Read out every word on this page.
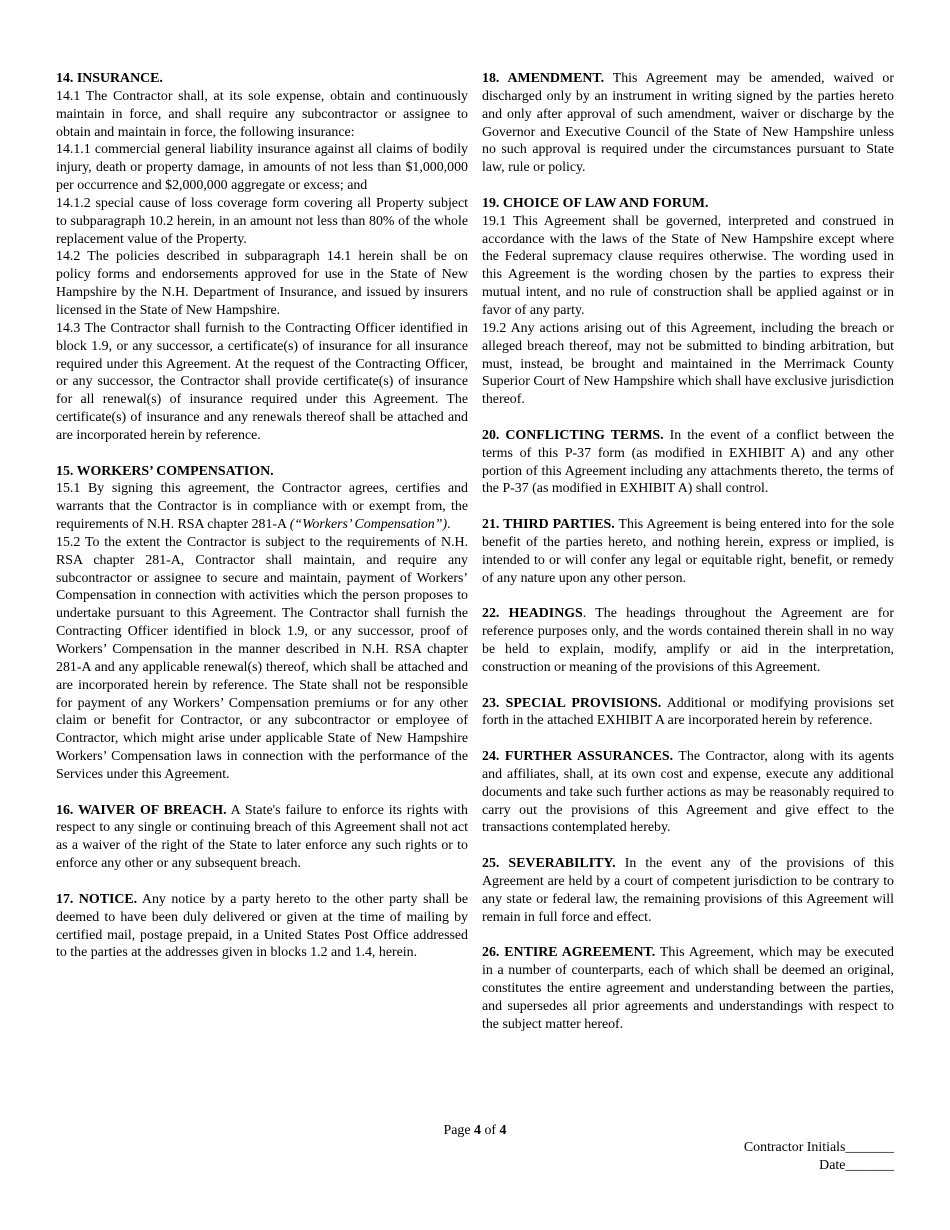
14. INSURANCE.

14.1 The Contractor shall, at its sole expense, obtain and continuously maintain in force, and shall require any subcontractor or assignee to obtain and maintain in force, the following insurance:

14.1.1 commercial general liability insurance against all claims of bodily injury, death or property damage, in amounts of not less than $1,000,000 per occurrence and $2,000,000 aggregate or excess; and

14.1.2 special cause of loss coverage form covering all Property subject to subparagraph 10.2 herein, in an amount not less than 80% of the whole replacement value of the Property.

14.2 The policies described in subparagraph 14.1 herein shall be on policy forms and endorsements approved for use in the State of New Hampshire by the N.H. Department of Insurance, and issued by insurers licensed in the State of New Hampshire.

14.3 The Contractor shall furnish to the Contracting Officer identified in block 1.9, or any successor, a certificate(s) of insurance for all insurance required under this Agreement. At the request of the Contracting Officer, or any successor, the Contractor shall provide certificate(s) of insurance for all renewal(s) of insurance required under this Agreement. The certificate(s) of insurance and any renewals thereof shall be attached and are incorporated herein by reference.

15. WORKERS’ COMPENSATION.

15.1 By signing this agreement, the Contractor agrees, certifies and warrants that the Contractor is in compliance with or exempt from, the requirements of N.H. RSA chapter 281-A (“Workers’ Compensation”).

15.2 To the extent the Contractor is subject to the requirements of N.H. RSA chapter 281-A, Contractor shall maintain, and require any subcontractor or assignee to secure and maintain, payment of Workers’ Compensation in connection with activities which the person proposes to undertake pursuant to this Agreement. The Contractor shall furnish the Contracting Officer identified in block 1.9, or any successor, proof of Workers’ Compensation in the manner described in N.H. RSA chapter 281-A and any applicable renewal(s) thereof, which shall be attached and are incorporated herein by reference. The State shall not be responsible for payment of any Workers’ Compensation premiums or for any other claim or benefit for Contractor, or any subcontractor or employee of Contractor, which might arise under applicable State of New Hampshire Workers’ Compensation laws in connection with the performance of the Services under this Agreement.

16. WAIVER OF BREACH. A State's failure to enforce its rights with respect to any single or continuing breach of this Agreement shall not act as a waiver of the right of the State to later enforce any such rights or to enforce any other or any subsequent breach.

17. NOTICE. Any notice by a party hereto to the other party shall be deemed to have been duly delivered or given at the time of mailing by certified mail, postage prepaid, in a United States Post Office addressed to the parties at the addresses given in blocks 1.2 and 1.4, herein.

18. AMENDMENT. This Agreement may be amended, waived or discharged only by an instrument in writing signed by the parties hereto and only after approval of such amendment, waiver or discharge by the Governor and Executive Council of the State of New Hampshire unless no such approval is required under the circumstances pursuant to State law, rule or policy.

19. CHOICE OF LAW AND FORUM.

19.1 This Agreement shall be governed, interpreted and construed in accordance with the laws of the State of New Hampshire except where the Federal supremacy clause requires otherwise. The wording used in this Agreement is the wording chosen by the parties to express their mutual intent, and no rule of construction shall be applied against or in favor of any party.

19.2 Any actions arising out of this Agreement, including the breach or alleged breach thereof, may not be submitted to binding arbitration, but must, instead, be brought and maintained in the Merrimack County Superior Court of New Hampshire which shall have exclusive jurisdiction thereof.

20. CONFLICTING TERMS. In the event of a conflict between the terms of this P-37 form (as modified in EXHIBIT A) and any other portion of this Agreement including any attachments thereto, the terms of the P-37 (as modified in EXHIBIT A) shall control.

21. THIRD PARTIES. This Agreement is being entered into for the sole benefit of the parties hereto, and nothing herein, express or implied, is intended to or will confer any legal or equitable right, benefit, or remedy of any nature upon any other person.

22. HEADINGS. The headings throughout the Agreement are for reference purposes only, and the words contained therein shall in no way be held to explain, modify, amplify or aid in the interpretation, construction or meaning of the provisions of this Agreement.

23. SPECIAL PROVISIONS. Additional or modifying provisions set forth in the attached EXHIBIT A are incorporated herein by reference.

24. FURTHER ASSURANCES. The Contractor, along with its agents and affiliates, shall, at its own cost and expense, execute any additional documents and take such further actions as may be reasonably required to carry out the provisions of this Agreement and give effect to the transactions contemplated hereby.

25. SEVERABILITY. In the event any of the provisions of this Agreement are held by a court of competent jurisdiction to be contrary to any state or federal law, the remaining provisions of this Agreement will remain in full force and effect.

26. ENTIRE AGREEMENT. This Agreement, which may be executed in a number of counterparts, each of which shall be deemed an original, constitutes the entire agreement and understanding between the parties, and supersedes all prior agreements and understandings with respect to the subject matter hereof.

Page 4 of 4
Contractor Initials_______
Date_______
